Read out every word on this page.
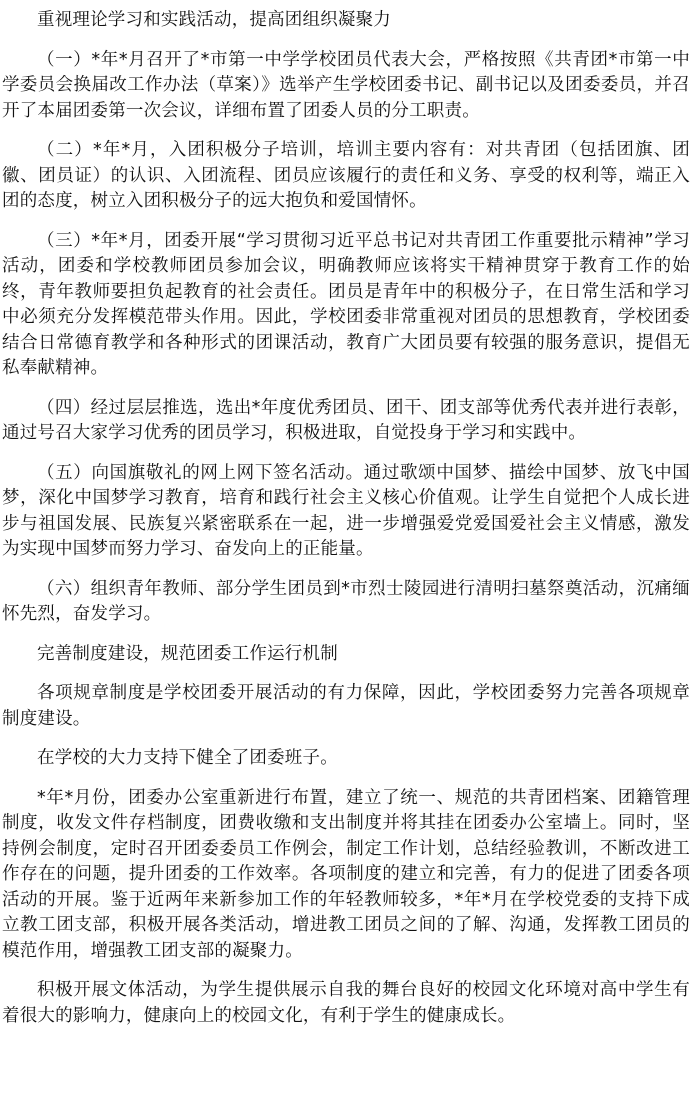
重视理论学习和实践活动，提高团组织凝聚力

（一）*年*月召开了*市第一中学学校团员代表大会，严格按照《共青团*市第一中学委员会换届改工作办法（草案）》选举产生学校团委书记、副书记以及团委委员，并召开了本届团委第一次会议，详细布置了团委人员的分工职责。

（二）*年*月，入团积极分子培训，培训主要内容有：对共青团（包括团旗、团徽、团员证）的认识、入团流程、团员应该履行的责任和义务、享受的权利等，端正入团的态度，树立入团积极分子的远大抱负和爱国情怀。

（三）*年*月，团委开展“学习贯彻习近平总书记对共青团工作重要批示精神”学习活动，团委和学校教师团员参加会议，明确教师应该将实干精神贯穿于教育工作的始终，青年教师要担负起教育的社会责任。团员是青年中的积极分子，在日常生活和学习中必须充分发挥模范带头作用。因此，学校团委非常重视对团员的思想教育，学校团委结合日常德育教学和各种形式的团课活动，教育广大团员要有较强的服务意识，提倡无私奉献精神。

（四）经过层层推选，选出*年度优秀团员、团干、团支部等优秀代表并进行表彰，通过号召大家学习优秀的团员学习，积极进取，自觉投身于学习和实践中。

（五）向国旗敬礼的网上网下签名活动。通过歌颂中国梦、描绘中国梦、放飞中国梦，深化中国梦学习教育，培育和践行社会主义核心价值观。让学生自觉把个人成长进步与祖国发展、民族复兴紧密联系在一起，进一步增强爱党爱国爱社会主义情感，激发为实现中国梦而努力学习、奋发向上的正能量。

（六）组织青年教师、部分学生团员到*市烈士陵园进行清明扫墓祭奠活动，沉痛缅怀先烈，奋发学习。

完善制度建设，规范团委工作运行机制

各项规章制度是学校团委开展活动的有力保障，因此，学校团委努力完善各项规章制度建设。

在学校的大力支持下健全了团委班子。

*年*月份，团委办公室重新进行布置，建立了统一、规范的共青团档案、团籍管理制度，收发文件存档制度，团费收缴和支出制度并将其挂在团委办公室墙上。同时，坚持例会制度，定时召开团委委员工作例会，制定工作计划，总结经验教训，不断改进工作存在的问题，提升团委的工作效率。各项制度的建立和完善，有力的促进了团委各项活动的开展。鉴于近两年来新参加工作的年轻教师较多，*年*月在学校党委的支持下成立教工团支部，积极开展各类活动，增进教工团员之间的了解、沟通，发挥教工团员的模范作用，增强教工团支部的凝聚力。

积极开展文体活动，为学生提供展示自我的舞台良好的校园文化环境对高中学生有着很大的影响力，健康向上的校园文化，有利于学生的健康成长。
